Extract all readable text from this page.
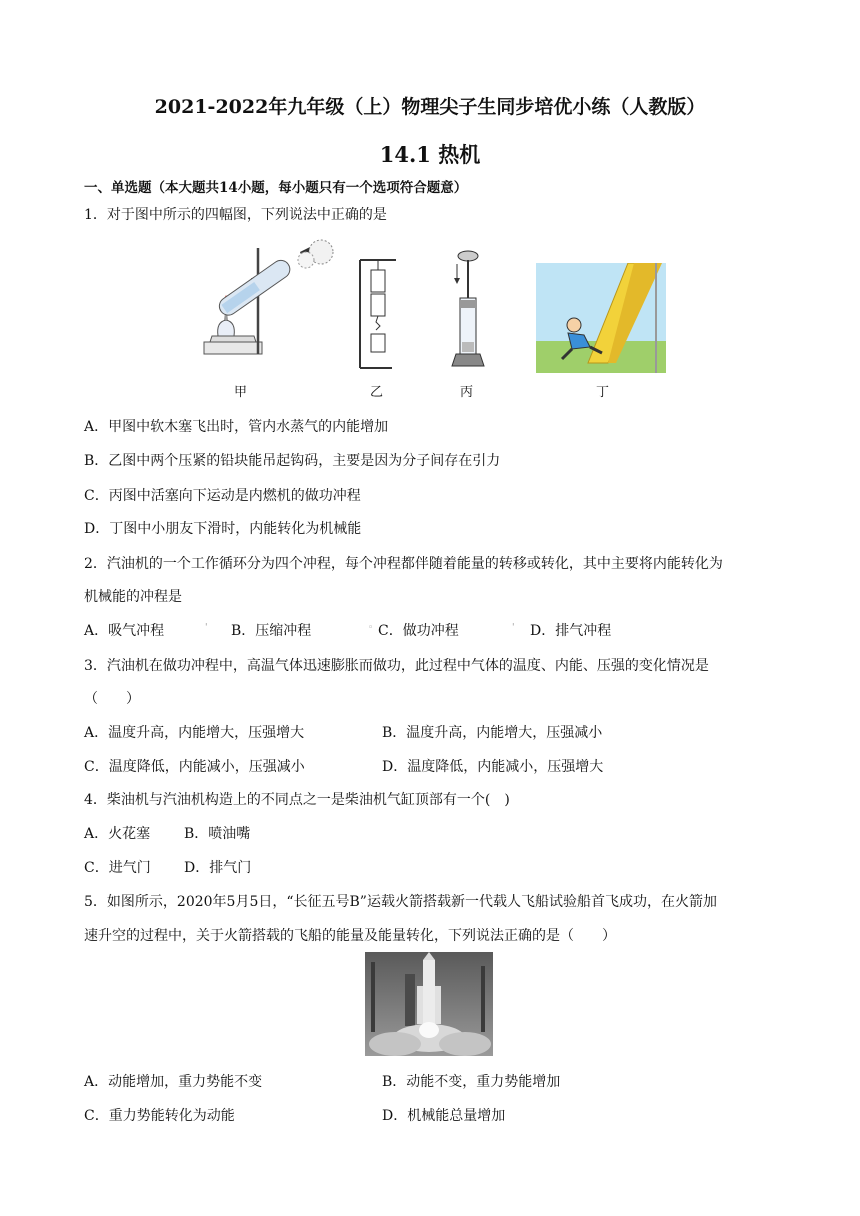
2021-2022年九年级（上）物理尖子生同步培优小练（人教版）
14.1 热机
一、单选题（本大题共14小题，每小题只有一个选项符合题意）
1．对于图中所示的四幅图，下列说法中正确的是
甲	乙	丙	丁
A．甲图中软木塞飞出时，管内水蒸气的内能增加
B．乙图中两个压紧的铅块能吊起钩码，主要是因为分子间存在引力
C．丙图中活塞向下运动是内燃机的做功冲程
D．丁图中小朋友下滑时，内能转化为机械能
2．汽油机的一个工作循环分为四个冲程，每个冲程都伴随着能量的转移或转化，其中主要将内能转化为
机械能的冲程是
A．吸气冲程	' B．压缩冲程	◦ C．做功冲程	' D．排气冲程
3．汽油机在做功冲程中，高温气体迅速膨胀而做功，此过程中气体的温度、内能、压强的变化情况是
（　　）
A．温度升高，内能增大，压强增大	B．温度升高，内能增大，压强减小
C．温度降低，内能减小，压强减小	D．温度降低，内能减小，压强增大
4．柴油机与汽油机构造上的不同点之一是柴油机气缸顶部有一个(　)
A．火花塞 B．喷油嘴
C．进气门 D．排气门
5．如图所示，2020年5月5日，“长征五号B”运载火箭搭载新一代载人飞船试验船首飞成功，在火箭加
速升空的过程中，关于火箭搭载的飞船的能量及能量转化，下列说法正确的是（　　）
A．动能增加，重力势能不变	B．动能不变，重力势能增加
C．重力势能转化为动能	D．机械能总量增加
